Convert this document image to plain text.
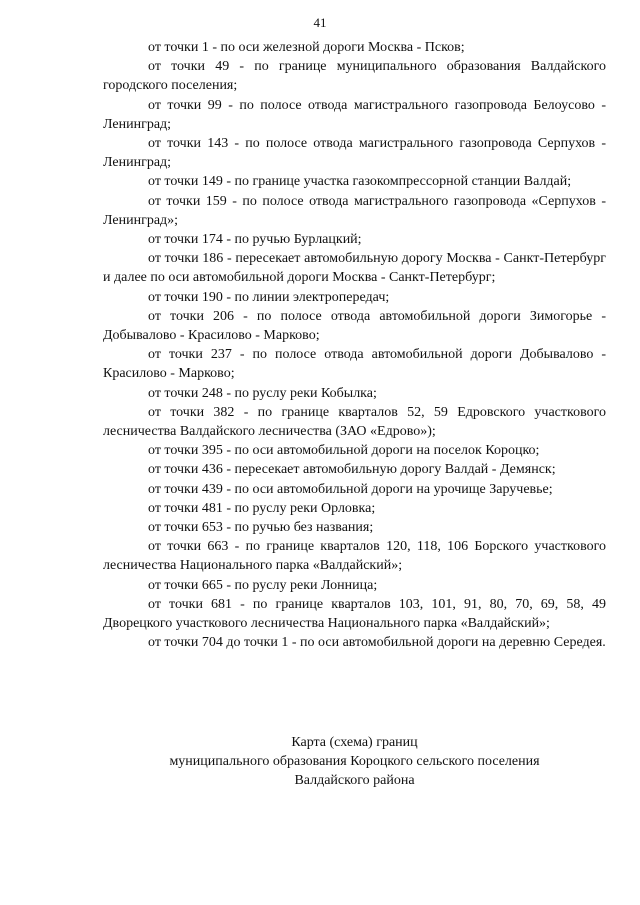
41

от точки 1 - по оси железной дороги Москва - Псков;

от точки 49 - по границе муниципального образования Валдайского городского поселения;

от точки 99 - по полосе отвода магистрального газопровода Белоусово - Ленинград;

от точки 143 - по полосе отвода магистрального газопровода Серпухов - Ленинград;

от точки 149 - по границе участка газокомпрессорной станции Валдай;

от точки 159 - по полосе отвода магистрального газопровода «Серпухов - Ленинград»;

от точки 174 - по ручью Бурлацкий;

от точки 186 - пересекает автомобильную дорогу Москва - Санкт-Петербург и далее по оси автомобильной дороги Москва - Санкт-Петербург;

от точки 190 - по линии электропередач;

от точки 206 - по полосе отвода автомобильной дороги Зимогорье - Добывалово - Красилово - Марково;

от точки 237 - по полосе отвода автомобильной дороги Добывалово - Красилово - Марково;

от точки 248 - по руслу реки Кобылка;

от точки 382 - по границе кварталов 52, 59 Едровского участкового лесничества Валдайского лесничества (ЗАО «Едрово»);

от точки 395 - по оси автомобильной дороги на поселок Короцко;

от точки 436 - пересекает автомобильную дорогу Валдай - Демянск;

от точки 439 - по оси автомобильной дороги на урочище Заручевье;

от точки 481 - по руслу реки Орловка;

от точки 653 - по ручью без названия;

от точки 663 - по границе кварталов 120, 118, 106 Борского участкового лесничества Национального парка «Валдайский»;

от точки 665 - по руслу реки Лонница;

от точки 681 - по границе кварталов 103, 101, 91, 80, 70, 69, 58, 49 Дворецкого участкового лесничества Национального парка «Валдайский»;

от точки 704 до точки 1 - по оси автомобильной дороги на деревню Середея.

Карта (схема) границ
муниципального образования Короцкого сельского поселения
Валдайского района
